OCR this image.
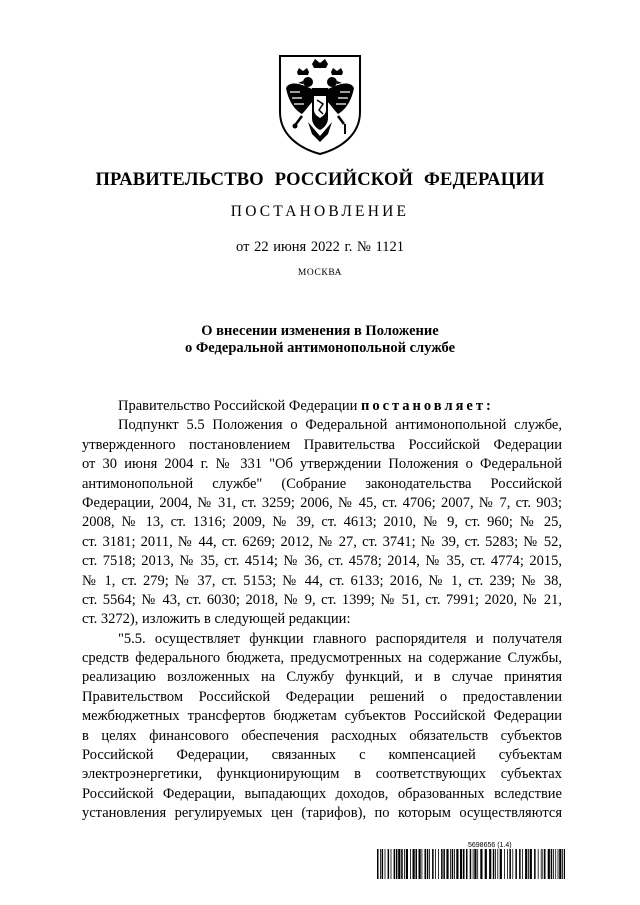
ПРАВИТЕЛЬСТВО РОССИЙСКОЙ ФЕДЕРАЦИИ
ПОСТАНОВЛЕНИЕ
от 22 июня 2022 г. № 1121
МОСКВА
О внесении изменения в Положение
о Федеральной антимонопольной службе
Правительство Российской Федерации постановляет:
Подпункт 5.5 Положения о Федеральной антимонопольной службе,
утвержденного постановлением Правительства Российской Федерации
от 30 июня 2004 г. № 331 "Об утверждении Положения о Федеральной
антимонопольной службе" (Собрание законодательства Российской
Федерации, 2004, № 31, ст. 3259; 2006, № 45, ст. 4706; 2007, № 7, ст. 903;
2008, № 13, ст. 1316; 2009, № 39, ст. 4613; 2010, № 9, ст. 960; № 25,
ст. 3181; 2011, № 44, ст. 6269; 2012, № 27, ст. 3741; № 39, ст. 5283; № 52,
ст. 7518; 2013, № 35, ст. 4514; № 36, ст. 4578; 2014, № 35, ст. 4774; 2015,
№ 1, ст. 279; № 37, ст. 5153; № 44, ст. 6133; 2016, № 1, ст. 239; № 38,
ст. 5564; № 43, ст. 6030; 2018, № 9, ст. 1399; № 51, ст. 7991; 2020, № 21,
ст. 3272), изложить в следующей редакции:
"5.5. осуществляет функции главного распорядителя и получателя
средств федерального бюджета, предусмотренных на содержание Службы,
реализацию возложенных на Службу функций, и в случае принятия
Правительством Российской Федерации решений о предоставлении
межбюджетных трансфертов бюджетам субъектов Российской Федерации
в целях финансового обеспечения расходных обязательств субъектов
Российской Федерации, связанных с компенсацией субъектам
электроэнергетики, функционирующим в соответствующих субъектах
Российской Федерации, выпадающих доходов, образованных вследствие
установления регулируемых цен (тарифов), по которым осуществляются
5698656 (1.4)
